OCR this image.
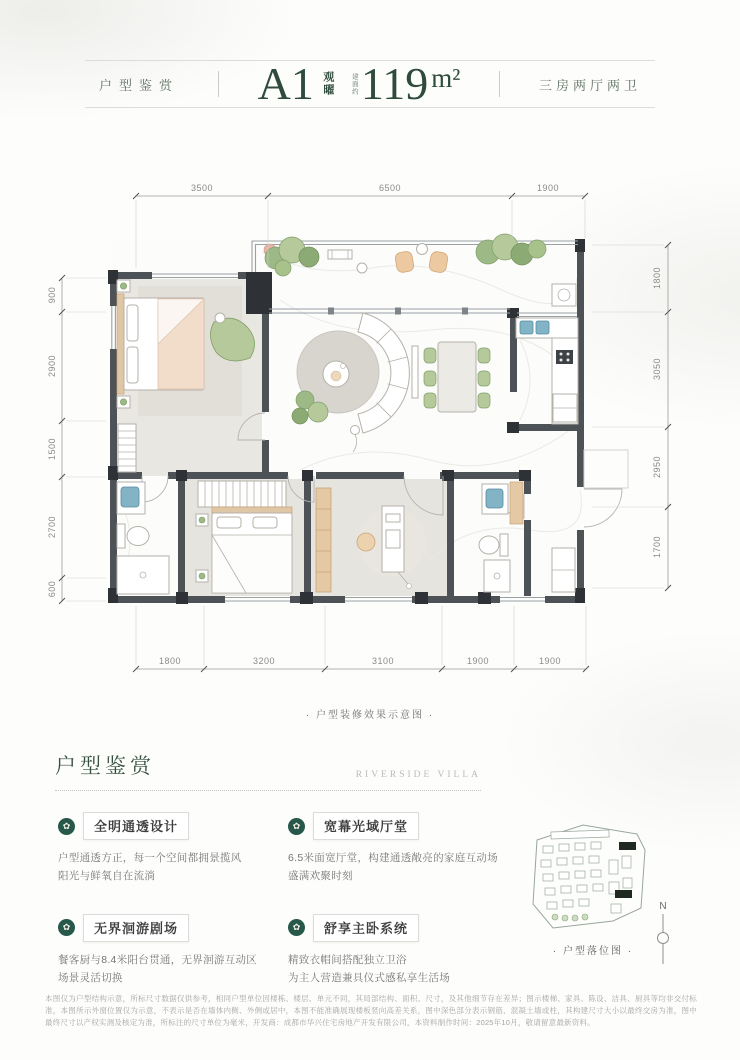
户型鉴赏 A1 观曜	建面约 119 m²	三房两厅两卫
3500	6500	1900
1800	3200	3100	1900	1900
900
2900
1500
2700
600
1800
3050
2950
1700
· 户型装修效果示意图 ·
户型鉴赏	RIVERSIDE VILLA
✿	全明通透设计
户型通透方正，每一个空间都拥景揽风
阳光与鲜氧自在流淌
✿	宽幕光域厅堂
6.5米面宽厅堂，构建通透敞亮的家庭互动场
盛满欢聚时刻
✿	无界洄游剧场
餐客厨与8.4米阳台贯通，无界洄游互动区
场景灵活切换
✿	舒享主卧系统
精致衣帽间搭配独立卫浴
为主人营造兼具仪式感私享生活场
· 户型落位图 ·
N
本图仅为户型结构示意，所标尺寸数据仅供参考，相同户型单位因楼栋、楼层、单元不同，其局部结构、面积、尺寸，及其他细节存在差异；图示楼梯、家具、陈设、洁具、厨具等均非交付标准，本图所示外窗位置仅为示意，不表示是否在墙体内侧、外侧或居中，本图不能准确展现楼板竖向高差关系，图中深色部分表示钢筋、混凝土墙或柱，其构建尺寸大小以最终交房为准，图中最终尺寸以产权实测及核定为准，所标注的尺寸单位为毫米，开发商：成都市华兴住宅房地产开发有限公司，本资料制作时间：2025年10月，敬请留意最新资料。
